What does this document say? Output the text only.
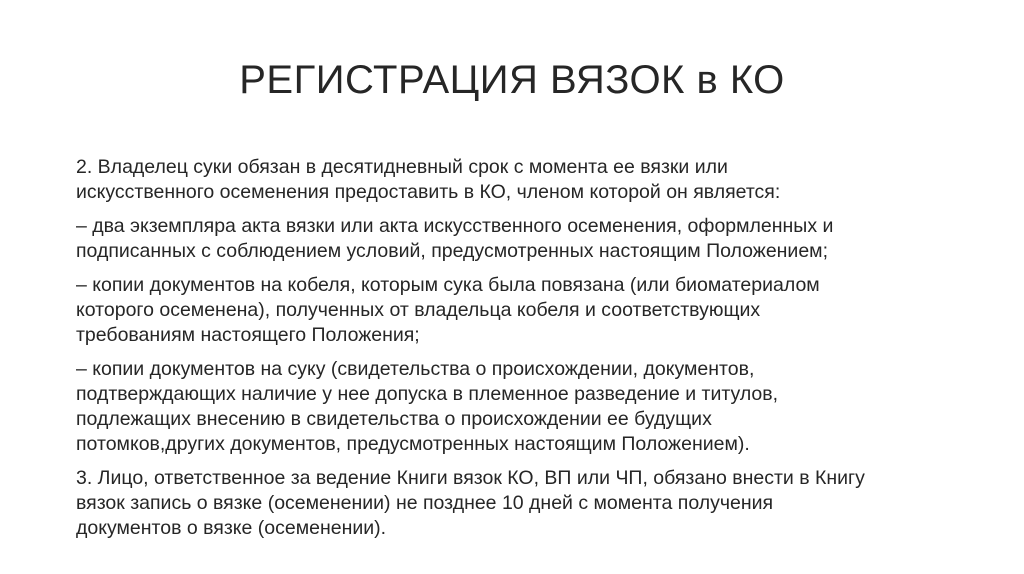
РЕГИСТРАЦИЯ ВЯЗОК в КО

2. Владелец суки обязан в десятидневный срок с момента ее вязки или
искусственного осеменения предоставить в КО, членом которой он является:

– два экземпляра акта вязки или акта искусственного осеменения, оформленных и
подписанных с соблюдением условий, предусмотренных настоящим Положением;

– копии документов на кобеля, которым сука была повязана (или биоматериалом
которого осеменена), полученных от владельца кобеля и соответствующих
требованиям настоящего Положения;

– копии документов на суку (свидетельства о происхождении, документов,
подтверждающих наличие у нее допуска в племенное разведение и титулов,
подлежащих внесению в свидетельства о происхождении ее будущих
потомков,других документов, предусмотренных настоящим Положением).

3. Лицо, ответственное за ведение Книги вязок КО, ВП или ЧП, обязано внести в Книгу
вязок запись о вязке (осеменении) не позднее 10 дней с момента получения
документов о вязке (осеменении).
